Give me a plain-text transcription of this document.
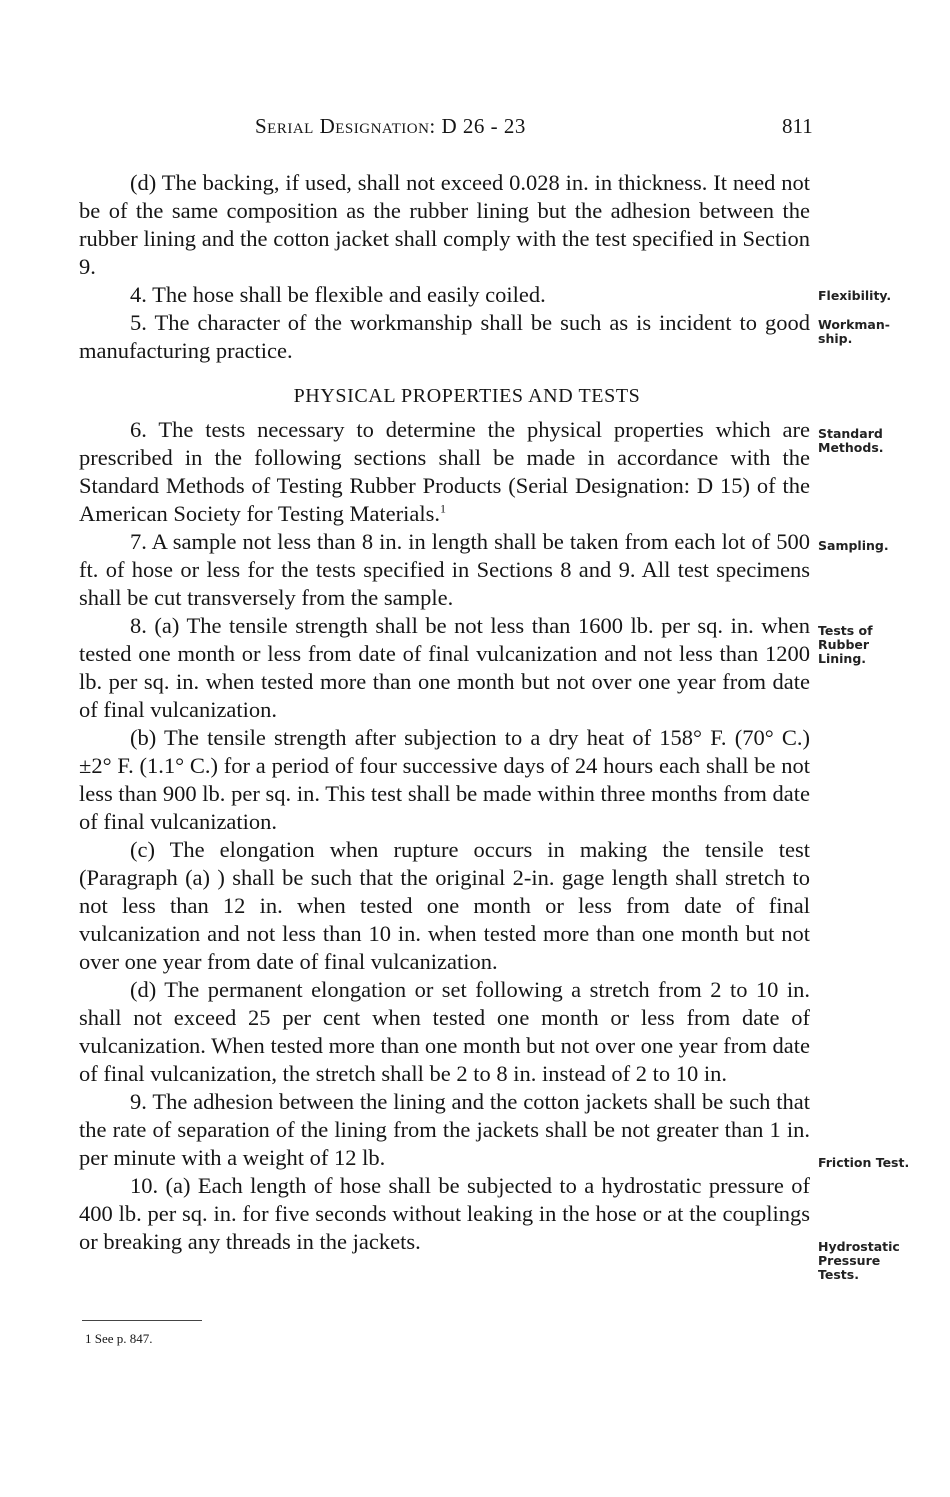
Serial Designation: D 26 - 23	811

(d) The backing, if used, shall not exceed 0.028 in. in thickness. It need not be of the same composition as the rubber lining but the adhesion between the rubber lining and the cotton jacket shall comply with the test specified in Section 9.

4. The hose shall be flexible and easily coiled.

5. The character of the workmanship shall be such as is incident to good manufacturing practice.

PHYSICAL PROPERTIES AND TESTS

6. The tests necessary to determine the physical properties which are prescribed in the following sections shall be made in accordance with the Standard Methods of Testing Rubber Products (Serial Designation: D 15) of the American Society for Testing Materials.$^1$

7. A sample not less than 8 in. in length shall be taken from each lot of 500 ft. of hose or less for the tests specified in Sections 8 and 9. All test specimens shall be cut transversely from the sample.

8. (a) The tensile strength shall be not less than 1600 lb. per sq. in. when tested one month or less from date of final vulcanization and not less than 1200 lb. per sq. in. when tested more than one month but not over one year from date of final vulcanization.

(b) The tensile strength after subjection to a dry heat of 158° F. (70° C.) ±2° F. (1.1° C.) for a period of four successive days of 24 hours each shall be not less than 900 lb. per sq. in. This test shall be made within three months from date of final vulcanization.

(c) The elongation when rupture occurs in making the tensile test (Paragraph (a) ) shall be such that the original 2-in. gage length shall stretch to not less than 12 in. when tested one month or less from date of final vulcanization and not less than 10 in. when tested more than one month but not over one year from date of final vulcanization.

(d) The permanent elongation or set following a stretch from 2 to 10 in. shall not exceed 25 per cent when tested one month or less from date of vulcanization. When tested more than one month but not over one year from date of final vulcanization, the stretch shall be 2 to 8 in. instead of 2 to 10 in.

9. The adhesion between the lining and the cotton jackets shall be such that the rate of separation of the lining from the jackets shall be not greater than 1 in. per minute with a weight of 12 lb.

10. (a) Each length of hose shall be subjected to a hydrostatic pressure of 400 lb. per sq. in. for five seconds without leaking in the hose or at the couplings or breaking any threads in the jackets.

Flexibility.
Workman-ship.
Standard Methods.
Sampling.
Tests of Rubber Lining.
Friction Test.
Hydrostatic Pressure Tests.
1 See p. 847.
